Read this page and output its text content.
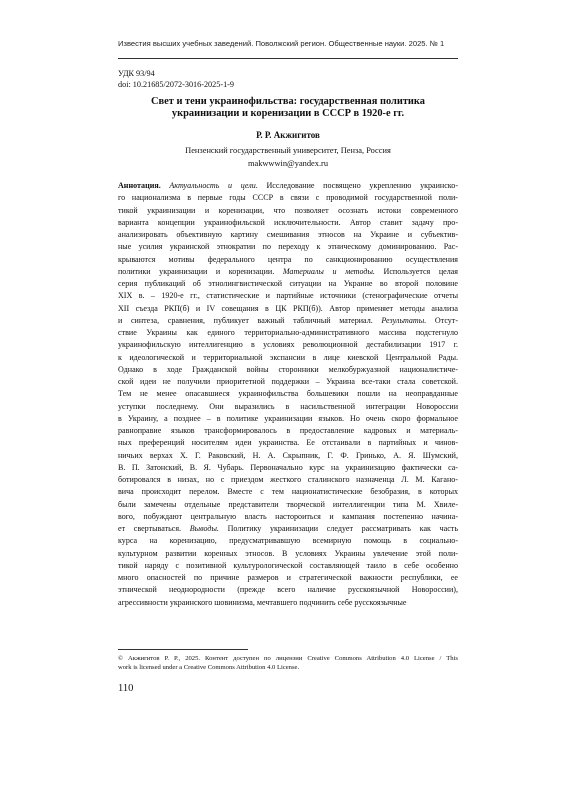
Известия высших учебных заведений. Поволжский регион. Общественные науки. 2025. № 1
УДК 93/94
doi: 10.21685/2072-3016-2025-1-9
Свет и тени украинофильства: государственная политика
украинизации и коренизации в СССР в 1920-е гг.
Р. Р. Акжигитов
Пензенский государственный университет, Пенза, Россия
makwwwin@yandex.ru
Аннотация. Актуальность и цели. Исследование посвящено укреплению украинско-
го национализма в первые годы СССР в связи с проводимой государственной поли-
тикой украинизации и коренизации, что позволяет осознать истоки современного
варианта концепции украинофильской исключительности. Автор ставит задачу про-
анализировать объективную картину смешивания этносов на Украине и субъектив-
ные усилия украинской этнократии по переходу к этническому доминированию. Рас-
крываются мотивы федерального центра по санкционированию осуществления
политики украинизации и коренизации. Материалы и методы. Используется целая
серия публикаций об этнолингвистической ситуации на Украине во второй половине
XIX в. – 1920-е гг., статистические и партийные источники (стенографические отчеты
XII съезда РКП(б) и IV совещания в ЦК РКП(б)). Автор применяет методы анализа
и синтеза, сравнения, публикует важный табличный материал. Результаты. Отсут-
ствие Украины как единого территориально-административного массива подстегнуло
украинофильскую интеллигенцию в условиях революционной дестабилизации 1917 г.
к идеологической и территориальной экспансии в лице киевской Центральной Рады.
Однако в ходе Гражданской войны сторонники мелкобуржуазной националистиче-
ской идеи не получили приоритетной поддержки – Украина все-таки стала советской.
Тем не менее опасавшиеся украинофильства большевики пошли на неоправданные
уступки последнему. Они выразились в насильственной интеграции Новороссии
в Украину, а позднее – в политике украинизации языков. Но очень скоро формальное
равноправие языков трансформировалось в предоставление кадровых и материаль-
ных преференций носителям идеи украинства. Ее отстаивали в партийных и чинов-
ничьих верхах Х. Г. Раковский, Н. А. Скрыпник, Г. Ф. Гринько, А. Я. Шумский,
В. П. Затонский, В. Я. Чубарь. Первоначально курс на украинизацию фактически са-
ботировался в низах, но с приездом жесткого сталинского назначенца Л. М. Кагано-
вича происходит перелом. Вместе с тем национатистические безобразия, в которых
были замечены отдельные представители творческой интеллигенции типа М. Хвиле-
вого, побуждают центральную власть настороиться и кампания постепенно начина-
ет свертываться. Выводы. Политику украинизации следует рассматривать как часть
курса на коренизацию, предусматривавшую всемирную помощь в социально-
культурном развитии коренных этносов. В условиях Украины увлечение этой поли-
тикой наряду с позитивной культурологической составляющей таило в себе особенно
много опасностей по причине размеров и стратегической важности республики, ее
этнической неоднородности (прежде всего наличие русскоязычной Новороссии),
агрессивности украинского шовинизма, мечтавшего подчинить себе русскоязычные
© Акжигитов Р. Р., 2025. Контент доступен по лицензии Creative Commons Attribution 4.0 License / This
work is licensed under a Creative Commons Attribution 4.0 License.
110
